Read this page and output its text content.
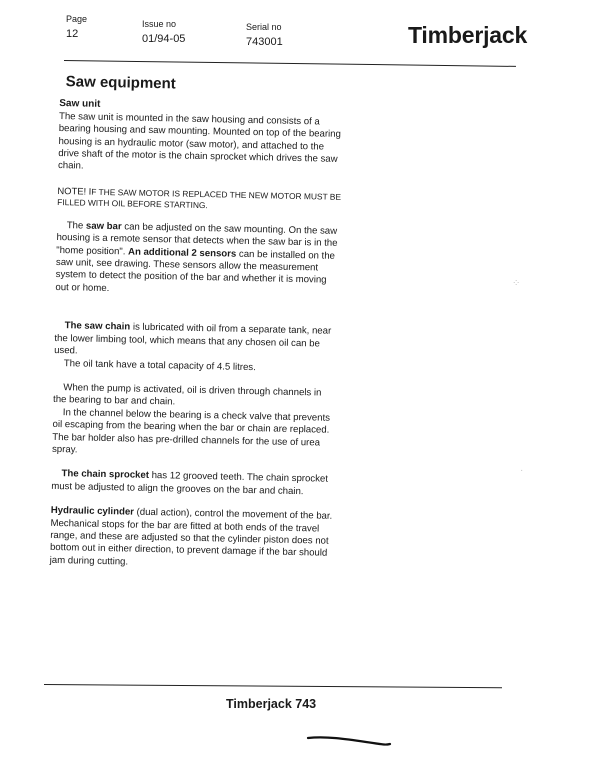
Page
12
Issue no
01/94-05
Serial no
743001	Timberjack
Saw equipment
Saw unit

The saw unit is mounted in the saw housing and consists of a bearing housing and saw mounting. Mounted on top of the bearing housing is an hydraulic motor (saw motor), and attached to the drive shaft of the motor is the chain sprocket which drives the saw chain.

NOTE! IF THE SAW MOTOR IS REPLACED THE NEW MOTOR MUST BE FILLED WITH OIL BEFORE STARTING.

The saw bar can be adjusted on the saw mounting. On the saw housing is a remote sensor that detects when the saw bar is in the "home position". An additional 2 sensors can be installed on the saw unit, see drawing. These sensors allow the measurement system to detect the position of the bar and whether it is moving out or home.

The saw chain is lubricated with oil from a separate tank, near the lower limbing tool, which means that any chosen oil can be used.

The oil tank have a total capacity of 4.5 litres.

When the pump is activated, oil is driven through channels in the bearing to bar and chain.

In the channel below the bearing is a check valve that prevents oil escaping from the bearing when the bar or chain are replaced. The bar holder also has pre-drilled channels for the use of urea spray.

The chain sprocket has 12 grooved teeth. The chain sprocket must be adjusted to align the grooves on the bar and chain.

Hydraulic cylinder (dual action), control the movement of the bar. Mechanical stops for the bar are fitted at both ends of the travel range, and these are adjusted so that the cylinder piston does not bottom out in either direction, to prevent damage if the bar should jam during cutting.

Timberjack 743
⁘
·
